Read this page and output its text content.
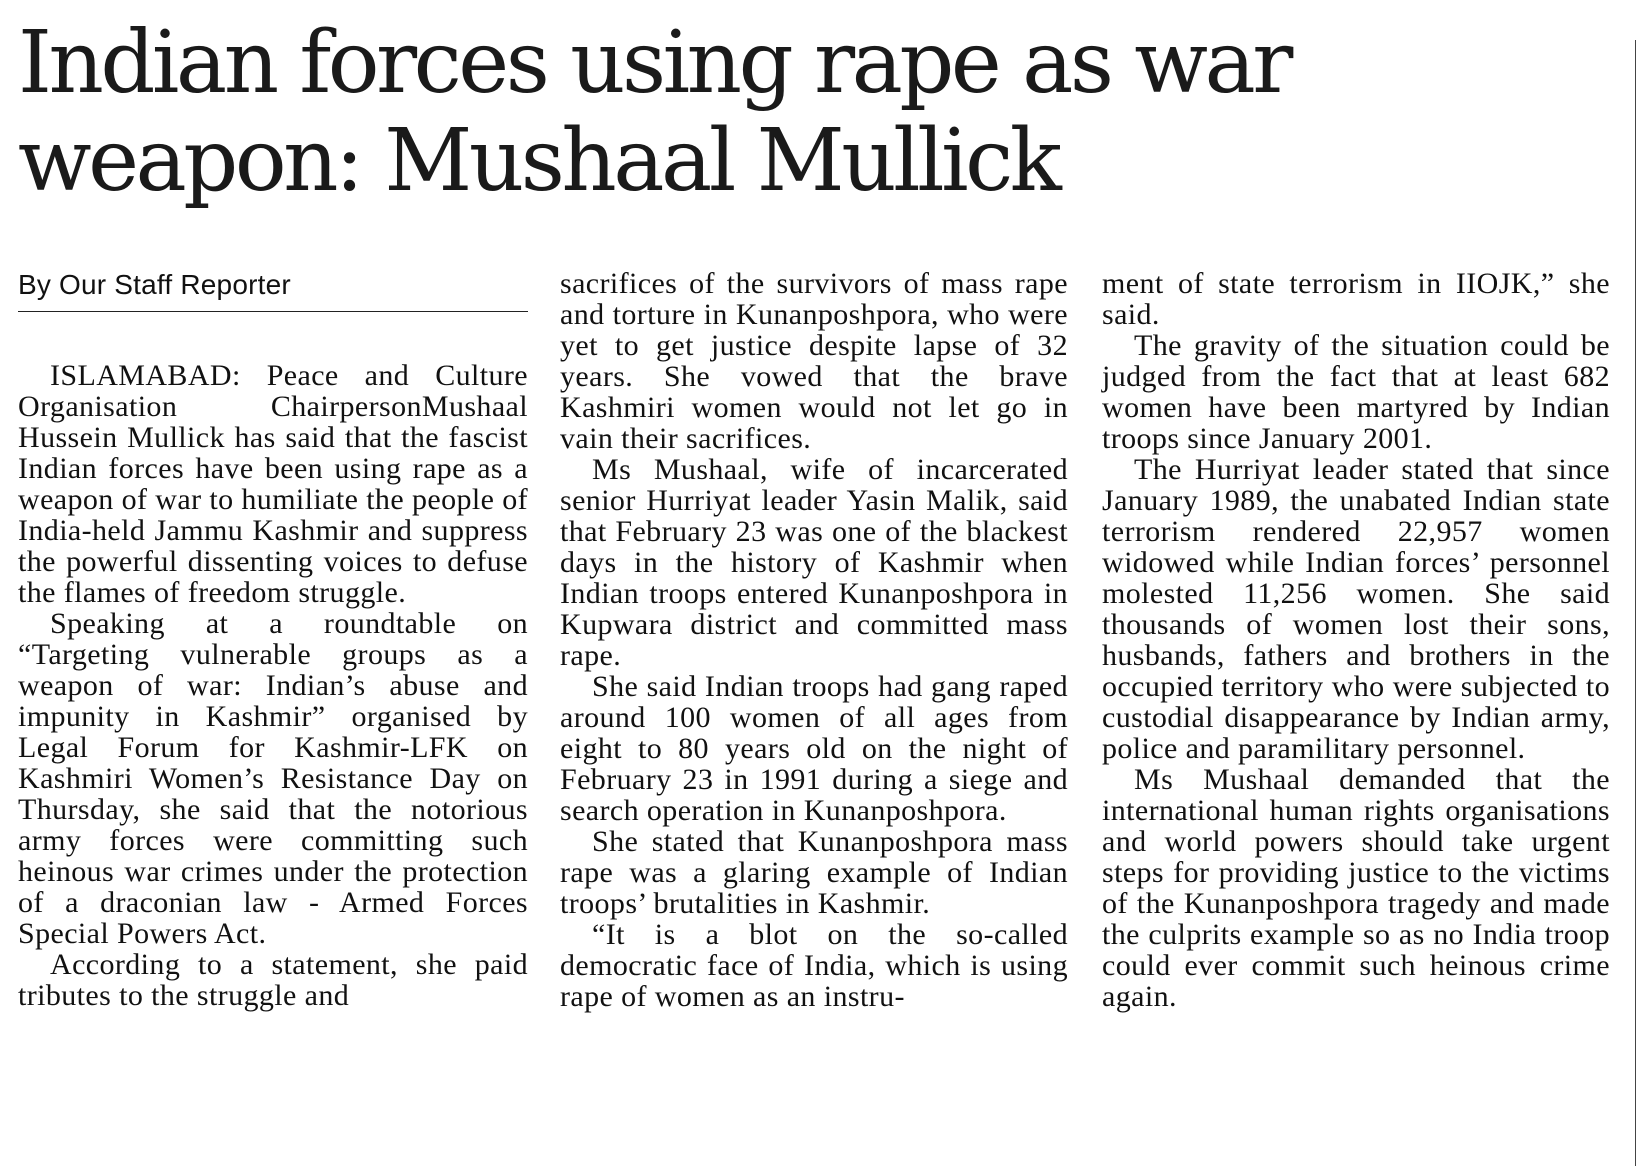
Indian forces using rape as war weapon: Mushaal Mullick
By Our Staff Reporter

ISLAMABAD: Peace and Culture Organisation ChairpersonMushaal Hussein Mullick has said that the fascist Indian forces have been using rape as a weapon of war to humiliate the people of India-held Jammu Kashmir and suppress the powerful dissenting voices to defuse the flames of freedom struggle.

Speaking at a roundtable on “Targeting vulnerable groups as a weapon of war: Indian’s abuse and impunity in Kashmir” organised by Legal Forum for Kashmir-LFK on Kashmiri Women’s Resistance Day on Thursday, she said that the notorious army forces were committing such heinous war crimes under the protection of a draconian law - Armed Forces Special Powers Act.

According to a statement, she paid tributes to the struggle and

sacrifices of the survivors of mass rape and torture in Kunanposhpora, who were yet to get justice despite lapse of 32 years. She vowed that the brave Kashmiri women would not let go in vain their sacrifices.

Ms Mushaal, wife of incarcerated senior Hurriyat leader Yasin Malik, said that February 23 was one of the blackest days in the history of Kashmir when Indian troops entered Kunanposhpora in Kupwara district and committed mass rape.

She said Indian troops had gang raped around 100 women of all ages from eight to 80 years old on the night of February 23 in 1991 during a siege and search operation in Kunanposhpora.

She stated that Kunanposhpora mass rape was a glaring example of Indian troops’ brutalities in Kashmir.

“It is a blot on the so-called democratic face of India, which is using rape of women as an instru-

ment of state terrorism in IIOJK,” she said.

The gravity of the situation could be judged from the fact that at least 682 women have been martyred by Indian troops since January 2001.

The Hurriyat leader stated that since January 1989, the unabated Indian state terrorism rendered 22,957 women widowed while Indian forces’ personnel molested 11,256 women. She said thousands of women lost their sons, husbands, fathers and brothers in the occupied territory who were subjected to custodial disappearance by Indian army, police and paramilitary personnel.

Ms Mushaal demanded that the international human rights organisations and world powers should take urgent steps for providing justice to the victims of the Kunanposhpora tragedy and made the culprits example so as no India troop could ever commit such heinous crime again.
